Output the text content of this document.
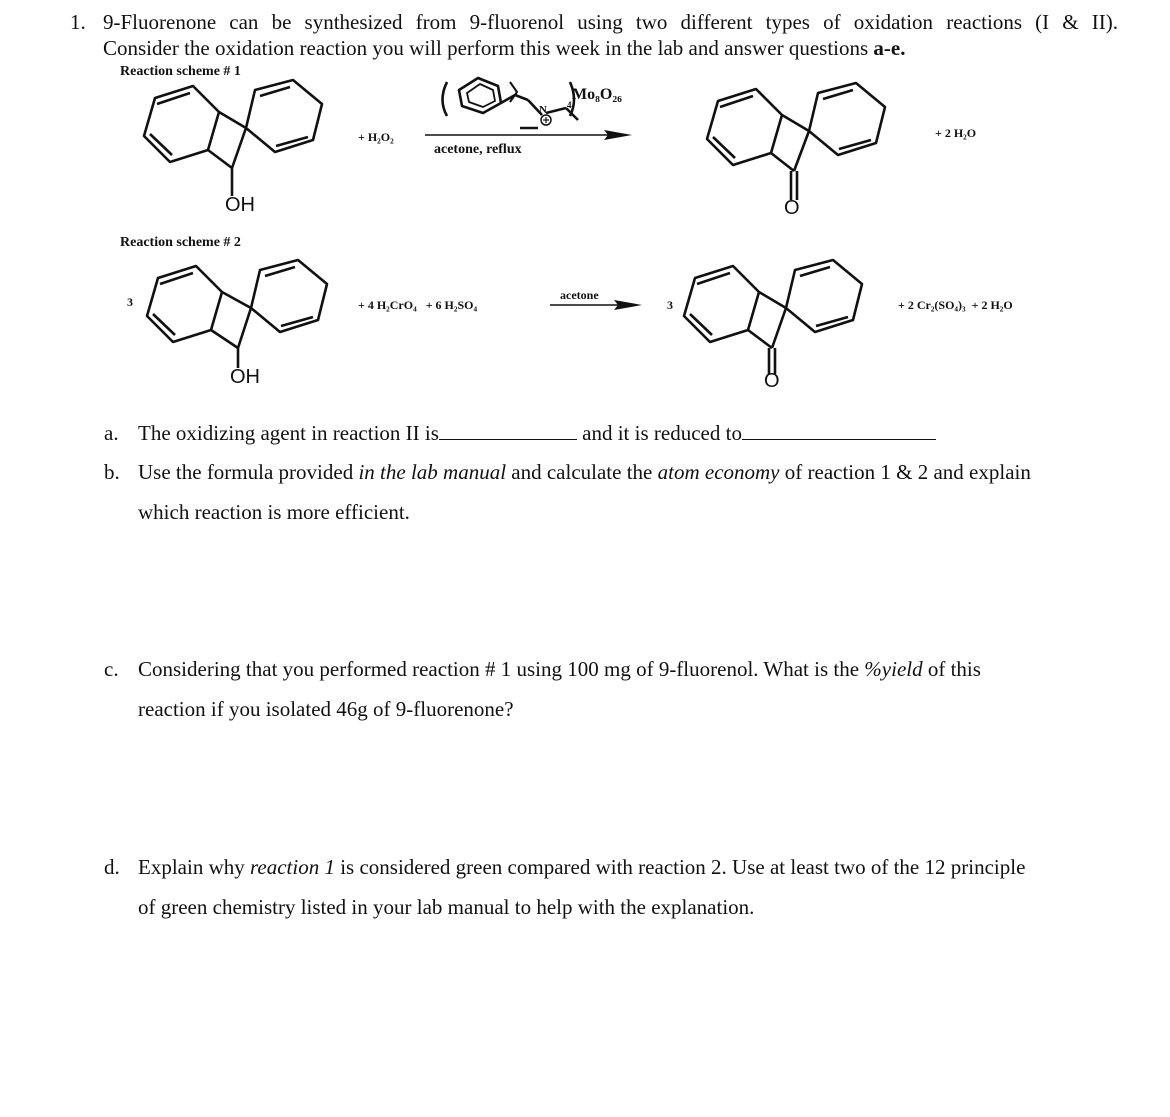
1. 9-Fluorenone can be synthesized from 9-fluorenol using two different types of oxidation reactions (I & II).
Consider the oxidation reaction you will perform this week in the lab and answer questions a-e.
Reaction scheme # 1
OH
+ H₂O₂
Mo₈O₂₆
4
N
acetone, reflux
+ 2 H₂O
O
Reaction scheme # 2
3
OH
+ 4 H₂CrO₄   + 6 H₂SO₄
acetone
3
O
+ 2 Cr₂(SO₄)₃  + 2 H₂O
a. The oxidizing agent in reaction II is	and it is reduced to
b. Use the formula provided in the lab manual and calculate the atom economy of reaction 1 & 2 and explain
which reaction is more efficient.
c. Considering that you performed reaction # 1 using 100 mg of 9-fluorenol. What is the %yield of this
reaction if you isolated 46g of 9-fluorenone?
d. Explain why reaction 1 is considered green compared with reaction 2. Use at least two of the 12 principle
of green chemistry listed in your lab manual to help with the explanation.
